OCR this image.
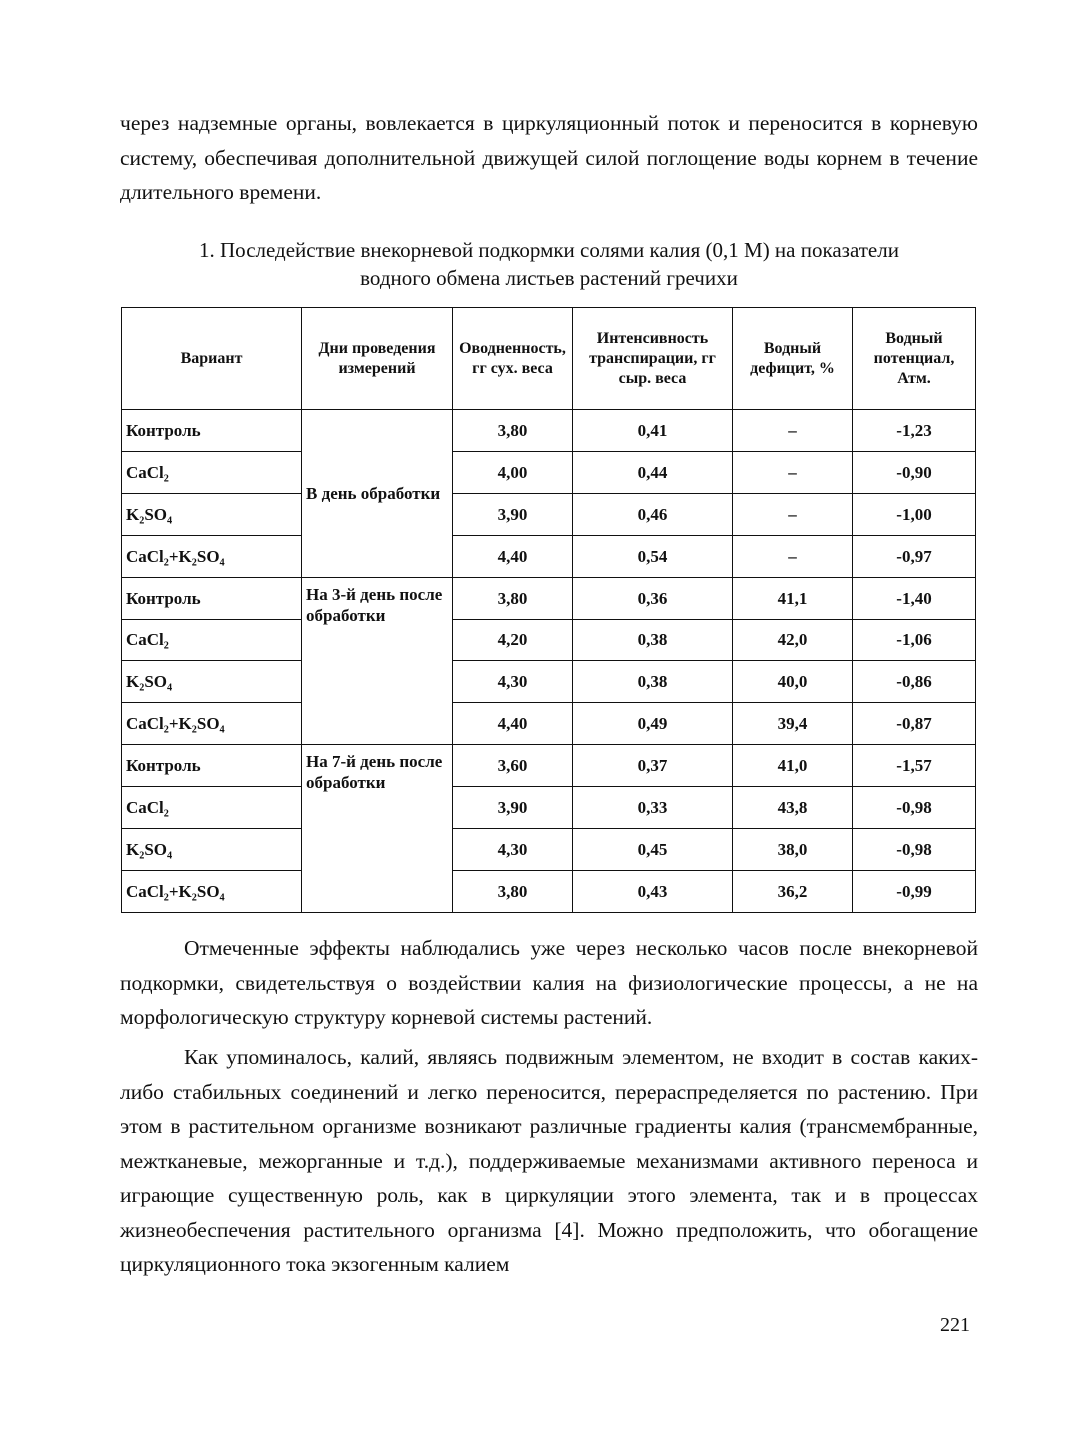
через надземные органы, вовлекается в циркуляционный поток и переносится в корневую систему, обеспечивая дополнительной движущей силой поглощение воды корнем в течение длительного времени.

1. Последействие внекорневой подкормки солями калия (0,1 М) на показатели
водного обмена листьев растений гречихи
Вариант	Дни проведения измерений	Оводненность, гг сух. веса	Интенсивность транспирации, гг сыр. веса	Водный дефицит, %	Водный потенциал, Атм.
Контроль	В день обработки	3,80	0,41	–	-1,23
CaCl₂		4,00	0,44	–	-0,90
K₂SO₄		3,90	0,46	–	-1,00
CaCl₂+K₂SO₄		4,40	0,54	–	-0,97
Контроль	На 3-й день после обработки	3,80	0,36	41,1	-1,40
CaCl₂		4,20	0,38	42,0	-1,06
K₂SO₄		4,30	0,38	40,0	-0,86
CaCl₂+K₂SO₄		4,40	0,49	39,4	-0,87
Контроль	На 7-й день после обработки	3,60	0,37	41,0	-1,57
CaCl₂		3,90	0,33	43,8	-0,98
K₂SO₄		4,30	0,45	38,0	-0,98
CaCl₂+K₂SO₄		3,80	0,43	36,2	-0,99

Отмеченные эффекты наблюдались уже через несколько часов после внекорневой подкормки, свидетельствуя о воздействии калия на физиологические процессы, а не на морфологическую структуру корневой системы растений.

Как упоминалось, калий, являясь подвижным элементом, не входит в состав каких-либо стабильных соединений и легко переносится, перераспределяется по растению. При этом в растительном организме возникают различные градиенты калия (трансмембранные, межтканевые, межорганные и т.д.), поддерживаемые механизмами активного переноса и играющие существенную роль, как в циркуляции этого элемента, так и в процессах жизнеобеспечения растительного организма [4]. Можно предположить, что обогащение циркуляционного тока экзогенным калием

221
